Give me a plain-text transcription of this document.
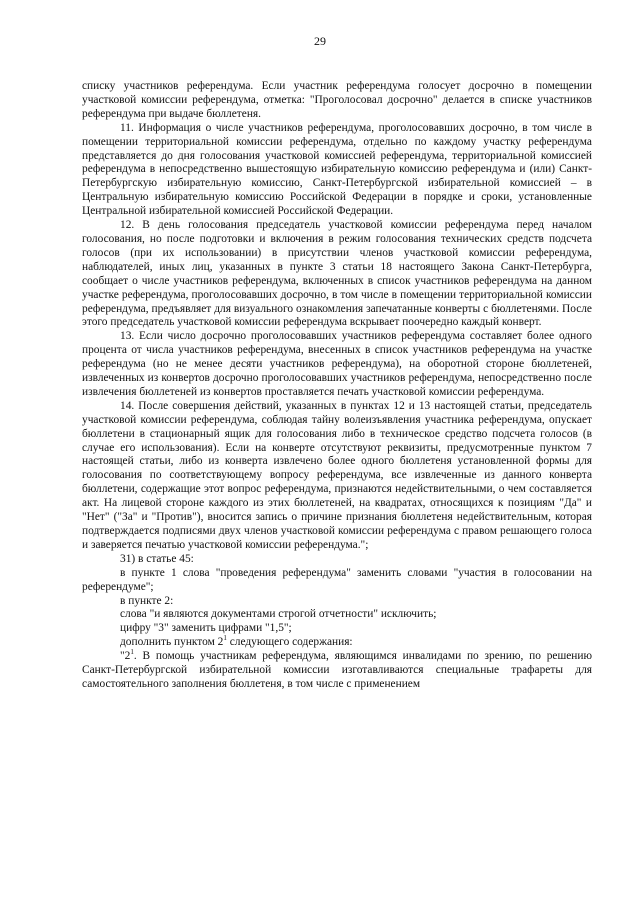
29

списку участников референдума. Если участник референдума голосует досрочно в помещении участковой комиссии референдума, отметка: "Проголосовал досрочно" делается в списке участников референдума при выдаче бюллетеня.

11. Информация о числе участников референдума, проголосовавших досрочно, в том числе в помещении территориальной комиссии референдума, отдельно по каждому участку референдума представляется до дня голосования участковой комиссией референдума, территориальной комиссией референдума в непосредственно вышестоящую избирательную комиссию референдума и (или) Санкт-Петербургскую избирательную комиссию, Санкт-Петербургской избирательной комиссией – в Центральную избирательную комиссию Российской Федерации в порядке и сроки, установленные Центральной избирательной комиссией Российской Федерации.

12. В день голосования председатель участковой комиссии референдума перед началом голосования, но после подготовки и включения в режим голосования технических средств подсчета голосов (при их использовании) в присутствии членов участковой комиссии референдума, наблюдателей, иных лиц, указанных в пункте 3 статьи 18 настоящего Закона Санкт-Петербурга, сообщает о числе участников референдума, включенных в список участников референдума на данном участке референдума, проголосовавших досрочно, в том числе в помещении территориальной комиссии референдума, предъявляет для визуального ознакомления запечатанные конверты с бюллетенями. После этого председатель участковой комиссии референдума вскрывает поочередно каждый конверт.

13. Если число досрочно проголосовавших участников референдума составляет более одного процента от числа участников референдума, внесенных в список участников референдума на участке референдума (но не менее десяти участников референдума), на оборотной стороне бюллетеней, извлеченных из конвертов досрочно проголосовавших участников референдума, непосредственно после извлечения бюллетеней из конвертов проставляется печать участковой комиссии референдума.

14. После совершения действий, указанных в пунктах 12 и 13 настоящей статьи, председатель участковой комиссии референдума, соблюдая тайну волеизъявления участника референдума, опускает бюллетени в стационарный ящик для голосования либо в техническое средство подсчета голосов (в случае его использования). Если на конверте отсутствуют реквизиты, предусмотренные пунктом 7 настоящей статьи, либо из конверта извлечено более одного бюллетеня установленной формы для голосования по соответствующему вопросу референдума, все извлеченные из данного конверта бюллетени, содержащие этот вопрос референдума, признаются недействительными, о чем составляется акт. На лицевой стороне каждого из этих бюллетеней, на квадратах, относящихся к позициям "Да" и "Нет" ("За" и "Против"), вносится запись о причине признания бюллетеня недействительным, которая подтверждается подписями двух членов участковой комиссии референдума с правом решающего голоса и заверяется печатью участковой комиссии референдума.";

31) в статье 45:

в пункте 1 слова "проведения референдума" заменить словами "участия в голосовании на референдуме";

в пункте 2:

слова "и являются документами строгой отчетности" исключить;

цифру "3" заменить цифрами "1,5";

дополнить пунктом $2^1$ следующего содержания:

"$2^1$. В помощь участникам референдума, являющимся инвалидами по зрению, по решению Санкт-Петербургской избирательной комиссии изготавливаются специальные трафареты для самостоятельного заполнения бюллетеня, в том числе с применением
